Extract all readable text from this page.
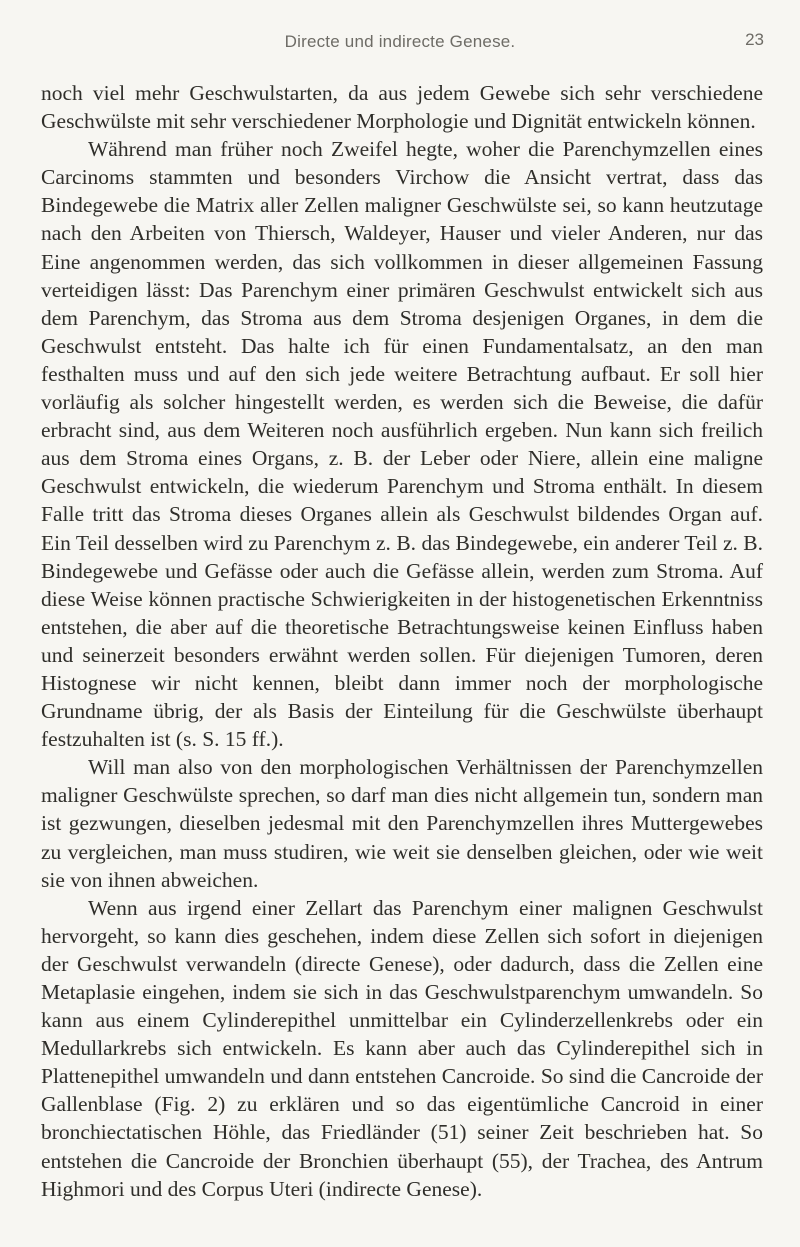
Directe und indirecte Genese.	23

noch viel mehr Geschwulstarten, da aus jedem Gewebe sich sehr verschiedene Geschwülste mit sehr verschiedener Morphologie und Dignität entwickeln können.

Während man früher noch Zweifel hegte, woher die Parenchymzellen eines Carcinoms stammten und besonders Virchow die Ansicht vertrat, dass das Bindegewebe die Matrix aller Zellen maligner Geschwülste sei, so kann heutzutage nach den Arbeiten von Thiersch, Waldeyer, Hauser und vieler Anderen, nur das Eine angenommen werden, das sich vollkommen in dieser allgemeinen Fassung verteidigen lässt: Das Parenchym einer primären Geschwulst entwickelt sich aus dem Parenchym, das Stroma aus dem Stroma desjenigen Organes, in dem die Geschwulst entsteht. Das halte ich für einen Fundamentalsatz, an den man festhalten muss und auf den sich jede weitere Betrachtung aufbaut. Er soll hier vorläufig als solcher hingestellt werden, es werden sich die Beweise, die dafür erbracht sind, aus dem Weiteren noch ausführlich ergeben. Nun kann sich freilich aus dem Stroma eines Organs, z. B. der Leber oder Niere, allein eine maligne Geschwulst entwickeln, die wiederum Parenchym und Stroma enthält. In diesem Falle tritt das Stroma dieses Organes allein als Geschwulst bildendes Organ auf. Ein Teil desselben wird zu Parenchym z. B. das Bindegewebe, ein anderer Teil z. B. Bindegewebe und Gefässe oder auch die Gefässe allein, werden zum Stroma. Auf diese Weise können practische Schwierigkeiten in der histogenetischen Erkenntniss entstehen, die aber auf die theoretische Betrachtungsweise keinen Einfluss haben und seinerzeit besonders erwähnt werden sollen. Für diejenigen Tumoren, deren Histognese wir nicht kennen, bleibt dann immer noch der morphologische Grundname übrig, der als Basis der Einteilung für die Geschwülste überhaupt festzuhalten ist (s. S. 15 ff.).

Will man also von den morphologischen Verhältnissen der Parenchymzellen maligner Geschwülste sprechen, so darf man dies nicht allgemein tun, sondern man ist gezwungen, dieselben jedesmal mit den Parenchymzellen ihres Muttergewebes zu vergleichen, man muss studiren, wie weit sie denselben gleichen, oder wie weit sie von ihnen abweichen.

Wenn aus irgend einer Zellart das Parenchym einer malignen Geschwulst hervorgeht, so kann dies geschehen, indem diese Zellen sich sofort in diejenigen der Geschwulst verwandeln (directe Genese), oder dadurch, dass die Zellen eine Metaplasie eingehen, indem sie sich in das Geschwulstparenchym umwandeln. So kann aus einem Cylinderepithel unmittelbar ein Cylinderzellenkrebs oder ein Medullarkrebs sich entwickeln. Es kann aber auch das Cylinderepithel sich in Plattenepithel umwandeln und dann entstehen Cancroide. So sind die Cancroide der Gallenblase (Fig. 2) zu erklären und so das eigentümliche Cancroid in einer bronchiectatischen Höhle, das Friedländer (51) seiner Zeit beschrieben hat. So entstehen die Cancroide der Bronchien überhaupt (55), der Trachea, des Antrum Highmori und des Corpus Uteri (indirecte Genese).
